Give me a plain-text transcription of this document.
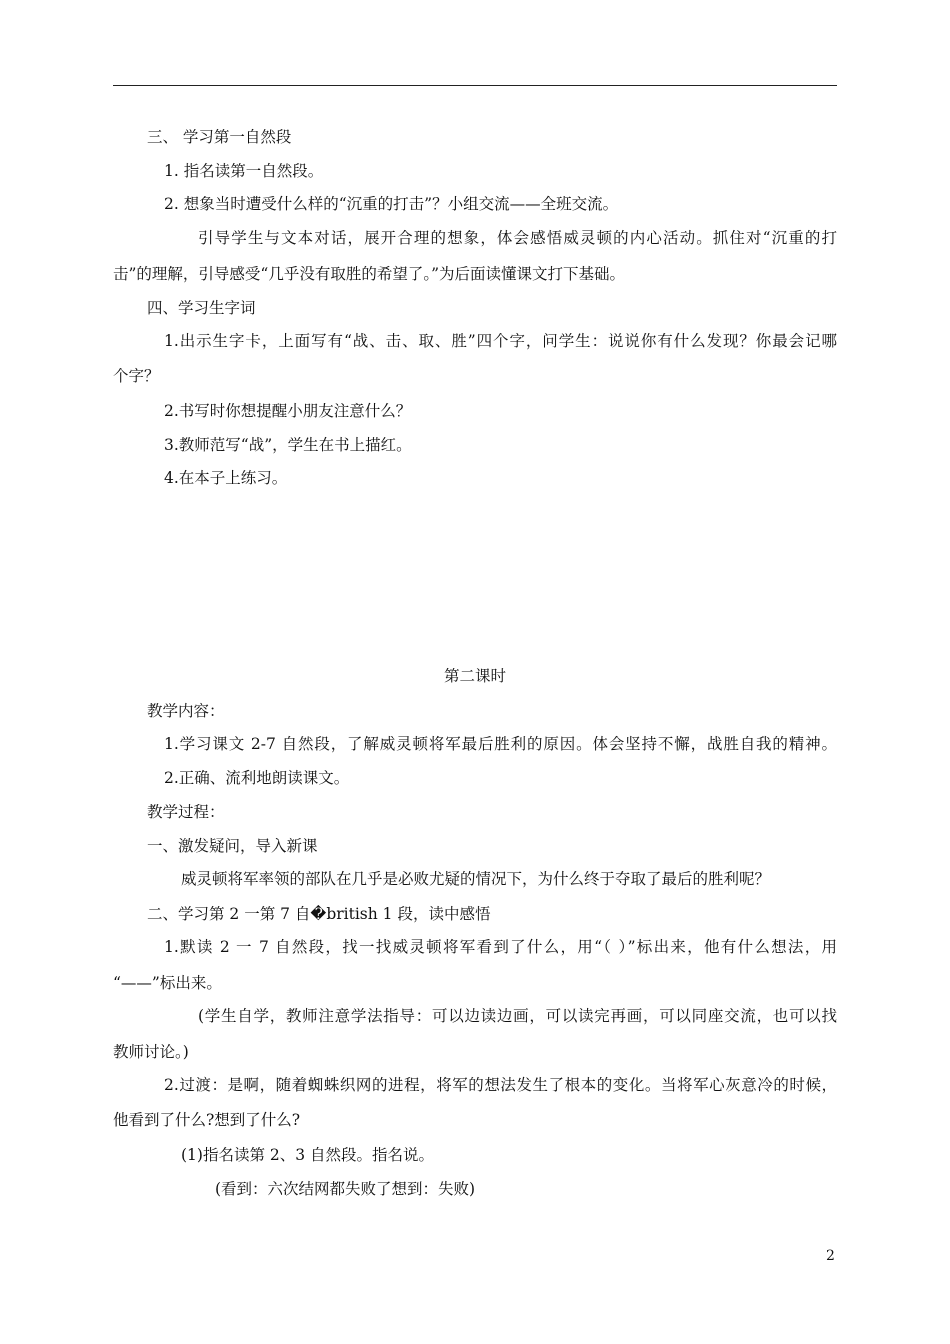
三、 学习第一自然段
1. 指名读第一自然段。
2. 想象当时遭受什么样的“沉重的打击”？小组交流——全班交流。
引导学生与文本对话，展开合理的想象，体会感悟威灵顿的内心活动。抓住对“沉重的打
击”的理解，引导感受“几乎没有取胜的希望了。”为后面读懂课文打下基础。
四、学习生字词
1.出示生字卡，上面写有“战、击、取、胜”四个字，问学生：说说你有什么发现？你最会记哪
个字？
2.书写时你想提醒小朋友注意什么？
3.教师范写“战”，学生在书上描红。
4.在本子上练习。
第二课时
教学内容：
1.学习课文 2-7 自然段，了解威灵顿将军最后胜利的原因。体会坚持不懈，战胜自我的精神。
2.正确、流利地朗读课文。
教学过程：
一、激发疑问，导入新课
威灵顿将军率领的部队在几乎是必败尤疑的情况下，为什么终于夺取了最后的胜利呢？
二、学习第 2 一第 7 自�british 1 段，读中感悟
1.默读 2 一 7 自然段，找一找威灵顿将军看到了什么，用“（ ）”标出来，他有什么想法，用
“——”标出来。
(学生自学，教师注意学法指导：可以边读边画，可以读完再画，可以同座交流，也可以找
教师讨论。)
2.过渡：是啊，随着蜘蛛织网的进程，将军的想法发生了根本的变化。当将军心灰意冷的时候，
他看到了什么?想到了什么?
(1)指名读第 2、3 自然段。指名说。
(看到：六次结网都失败了想到：失败)
2
